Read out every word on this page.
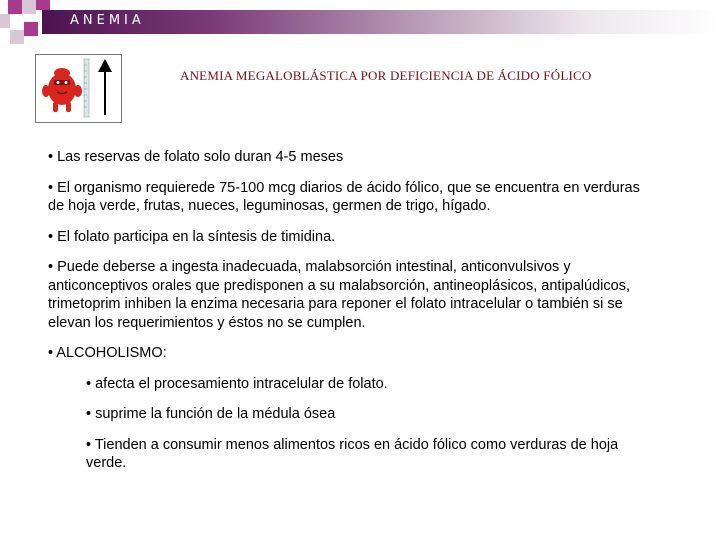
ANEMIA
ANEMIA MEGALOBLÁSTICA POR DEFICIENCIA DE ÁCIDO FÓLICO

• Las reservas de folato solo duran 4-5 meses

• El organismo requierede 75-100 mcg diarios de ácido fólico, que se encuentra en verduras de hoja verde, frutas, nueces, leguminosas, germen de trigo, hígado.

• El folato participa en la síntesis de timidina.

• Puede deberse a ingesta inadecuada, malabsorción intestinal, anticonvulsivos y anticonceptivos orales que predisponen a su malabsorción, antineoplásicos, antipalúdicos, trimetoprim inhiben la enzima necesaria para reponer el folato intracelular o también si se elevan los requerimientos y éstos no se cumplen.

• ALCOHOLISMO:

• afecta el procesamiento intracelular de folato.

• suprime la función de la médula ósea

• Tienden a consumir menos alimentos ricos en ácido fólico como verduras de hoja verde.
